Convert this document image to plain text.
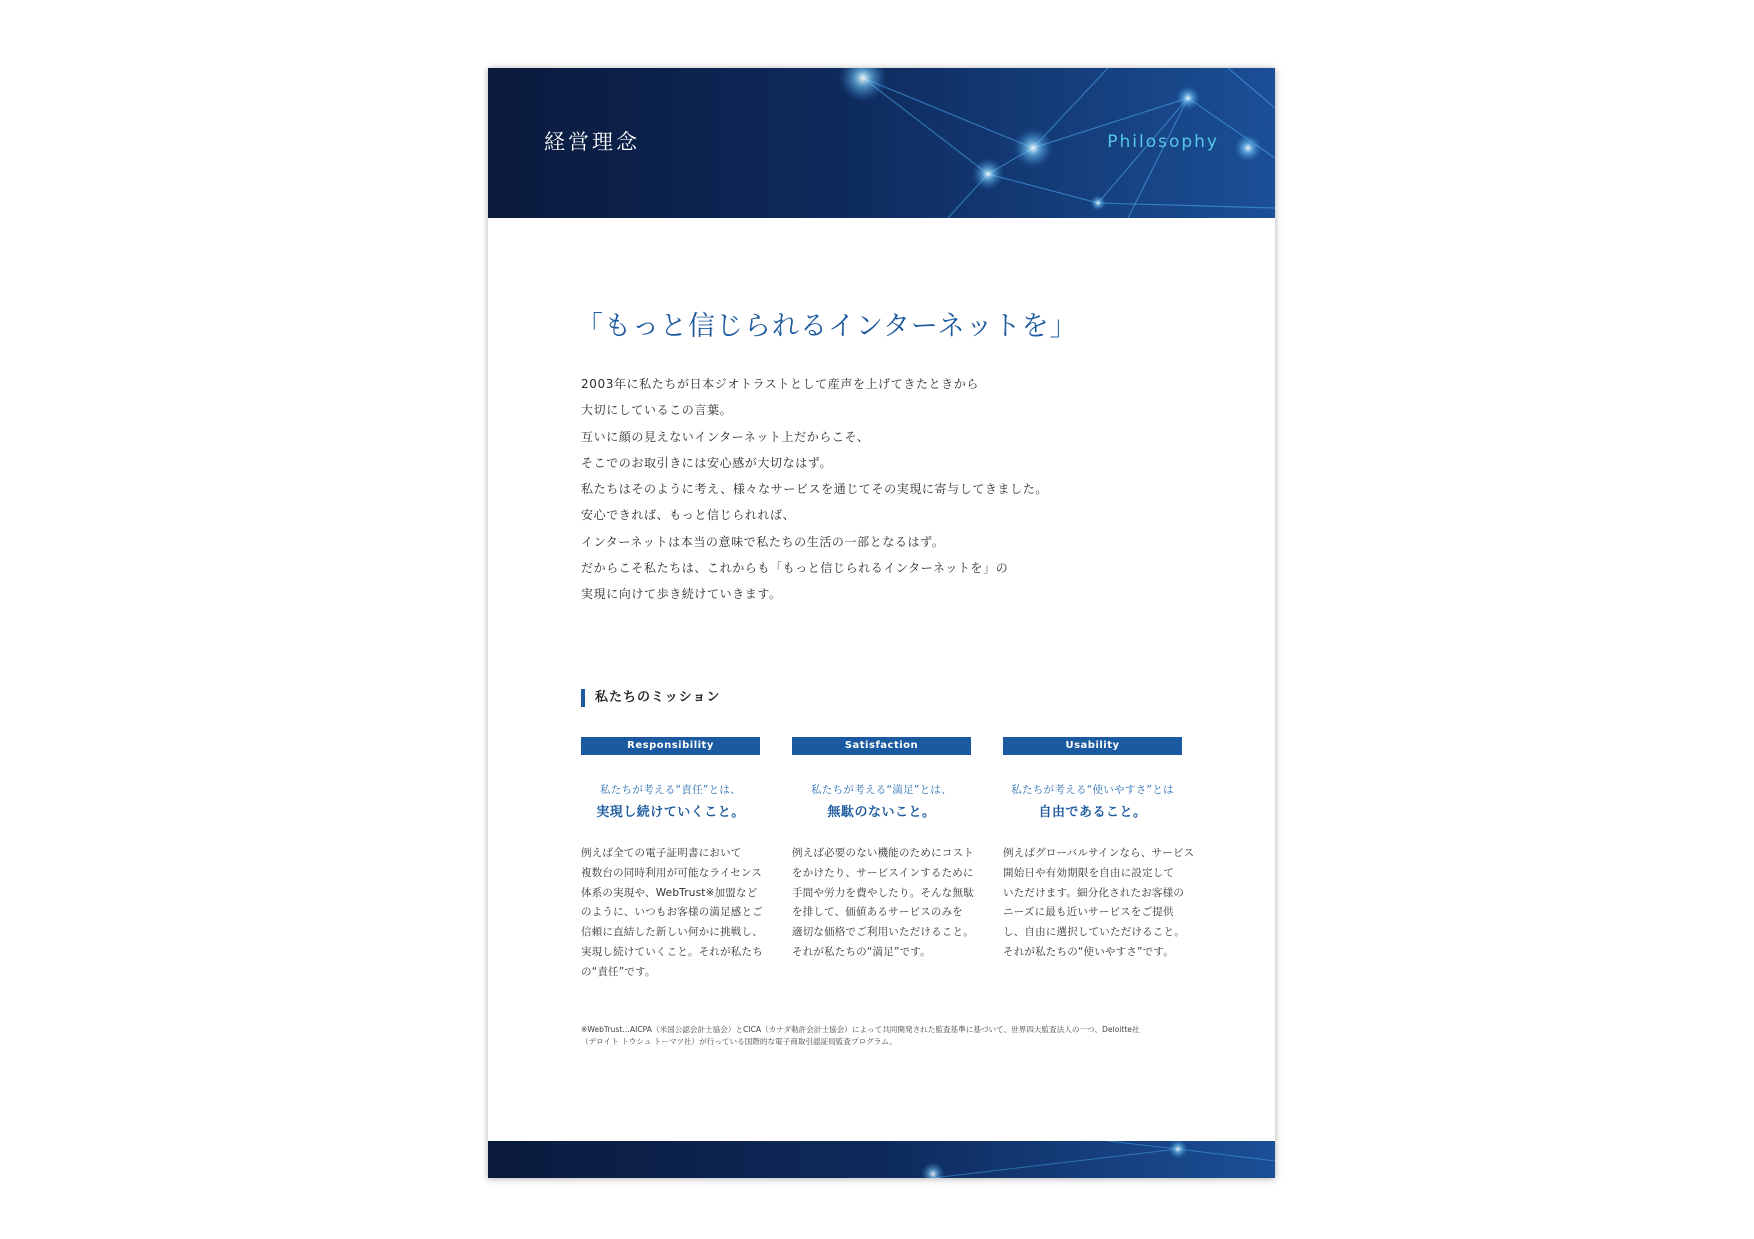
経営理念	Philosophy
「もっと信じられるインターネットを」
2003年に私たちが日本ジオトラストとして産声を上げてきたときから
大切にしているこの言葉。
互いに顔の見えないインターネット上だからこそ、
そこでのお取引きには安心感が大切なはず。
私たちはそのように考え、様々なサービスを通じてその実現に寄与してきました。
安心できれば、もっと信じられれば、
インターネットは本当の意味で私たちの生活の一部となるはず。
だからこそ私たちは、これからも「もっと信じられるインターネットを」の
実現に向けて歩き続けていきます。
私たちのミッション
Responsibility
私たちが考える“責任”とは、
実現し続けていくこと。
例えば全ての電子証明書において
複数台の同時利用が可能なライセンス
体系の実現や、WebTrust※加盟など
のように、いつもお客様の満足感とご
信頼に直結した新しい何かに挑戦し、
実現し続けていくこと。それが私たち
の“責任”です。
Satisfaction
私たちが考える“満足”とは、
無駄のないこと。
例えば必要のない機能のためにコスト
をかけたり、サービスインするために
手間や労力を費やしたり。そんな無駄
を排して、価値あるサービスのみを
適切な価格でご利用いただけること。
それが私たちの“満足”です。
Usability
私たちが考える“使いやすさ”とは
自由であること。
例えばグローバルサインなら、サービス
開始日や有効期限を自由に設定して
いただけます。細分化されたお客様の
ニーズに最も近いサービスをご提供
し、自由に選択していただけること。
それが私たちの“使いやすさ”です。
※WebTrust…AICPA（米国公認会計士協会）とCICA（カナダ勅許会計士協会）によって共同開発された監査基準に基づいて、世界四大監査法人の一つ、Deloitte社
（デロイト トウシュ トーマツ社）が行っている国際的な電子商取引認証局監査プログラム。
